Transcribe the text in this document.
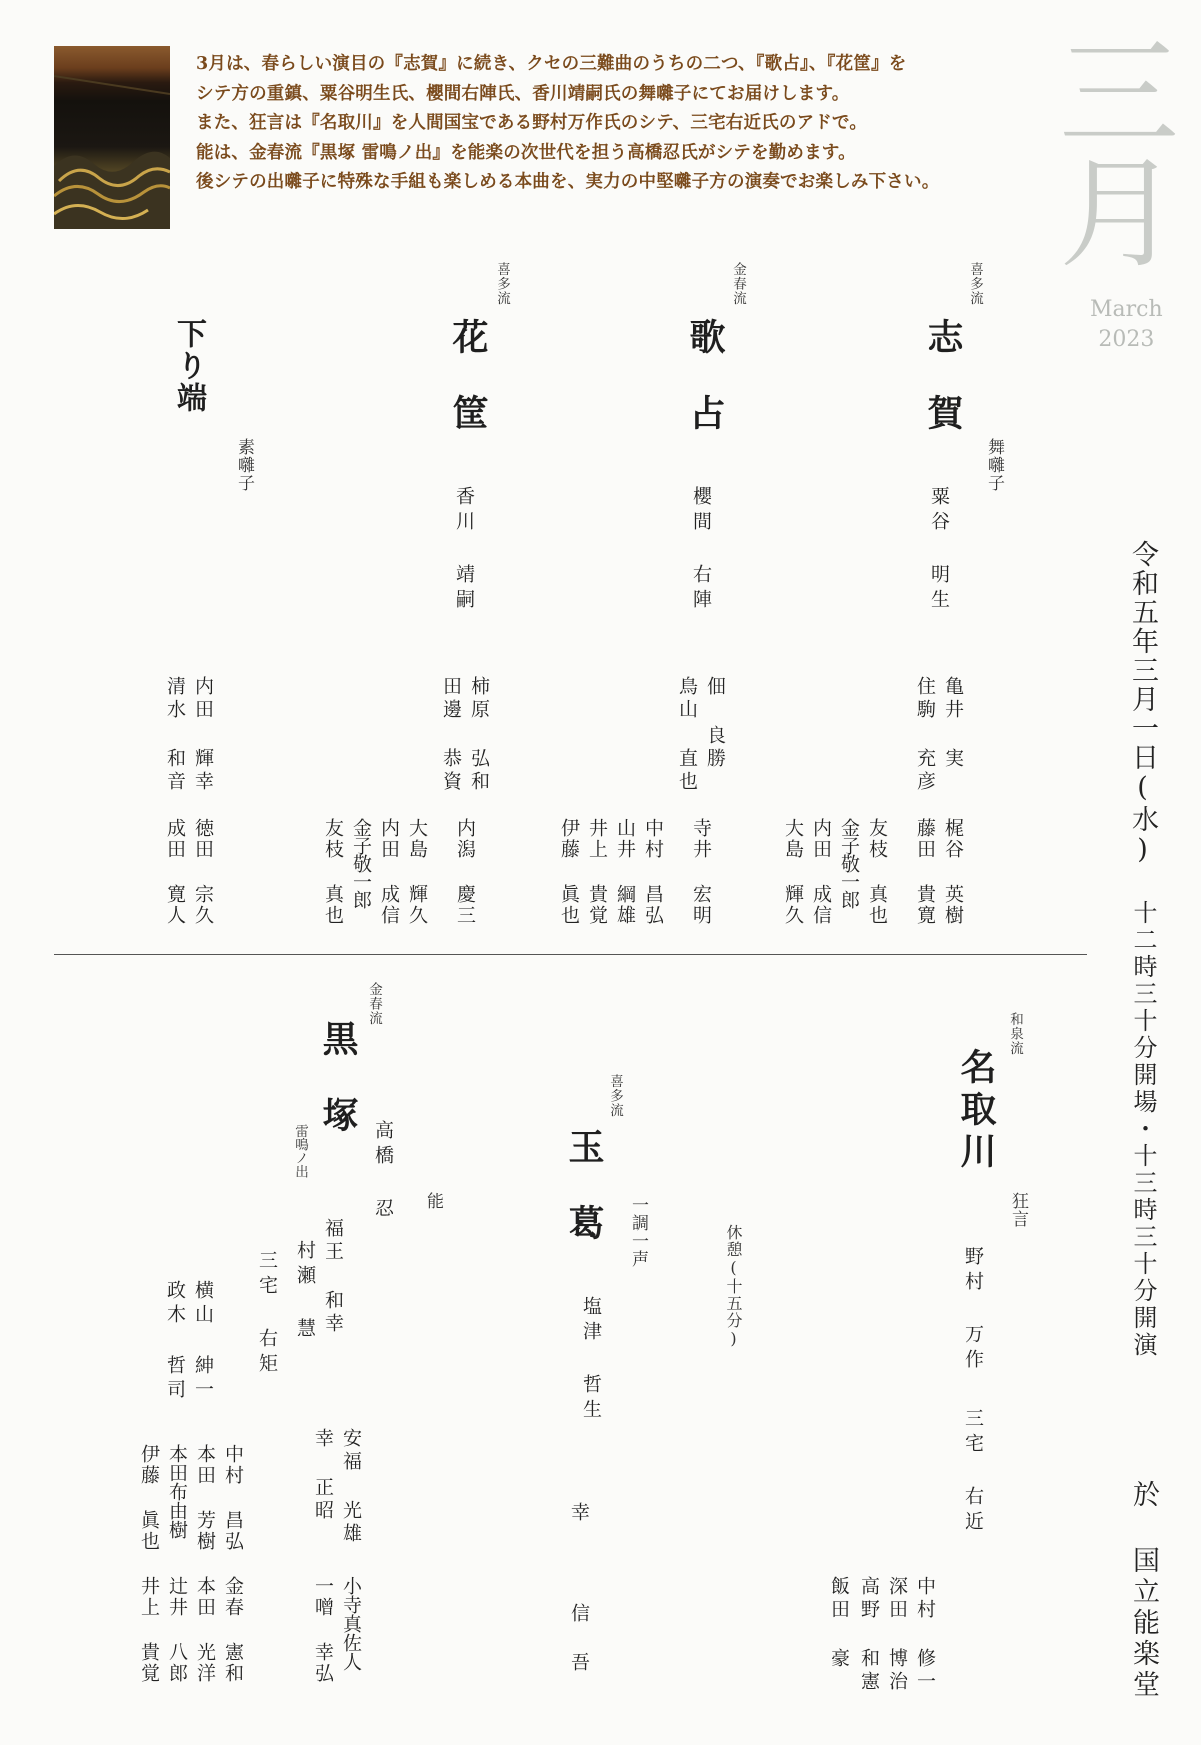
3月は、春らしい演目の『志賀』に続き、クセの三難曲のうちの二つ、『歌占』、『花筐』を
シテ方の重鎮、粟谷明生氏、櫻間右陣氏、香川靖嗣氏の舞囃子にてお届けします。
また、狂言は『名取川』を人間国宝である野村万作氏のシテ、三宅右近氏のアドで。
能は、金春流『黒塚 雷鳴ノ出』を能楽の次世代を担う高橋忍氏がシテを勤めます。
後シテの出囃子に特殊な手組も楽しめる本曲を、実力の中堅囃子方の演奏でお楽しみ下さい。 三月
March
2023
令和五年三月一日(水)
十二時三十分開場・十三時三十分開演
於 国立能楽堂
喜多流
志賀 舞囃子
粟谷 明生
亀井 実
住駒 充彦
梶谷 英樹
藤田 貴寛
友枝 真也
金子敬一郎
内田 成信
大島 輝久
金春流
歌占
櫻間 右陣
佃 良勝
鳥山 直也
寺井 宏明
中村 昌弘
山井 綱雄
井上 貴覚
伊藤 眞也
喜多流
花筐
香川 靖嗣
柿原 弘和
田邊 恭資
内潟 慶三
大島 輝久
内田 成信
金子敬一郎
友枝 真也
下り端
素囃子
内田 輝幸
清水 和音
徳田 宗久
成田 寛人
和泉流
名取川
狂言
野村 万作
三宅 右近
中村 修一
深田 博治
高野 和憲
飯田 豪
休憩(十五分)
喜多流
玉葛 一調一声
塩津 哲生
幸 信吾
金春流
黒塚
雷鳴ノ出
能
高橋 忍
福王 和幸
村瀬 慧
三宅 右矩
横山 紳一
政木 哲司
安福 光雄
幸 正昭
小寺真佐人
一噌 幸弘
中村 昌弘
本田 芳樹
本田布由樹
伊藤 眞也
金春 憲和
本田 光洋
辻井 八郎
井上 貴覚
